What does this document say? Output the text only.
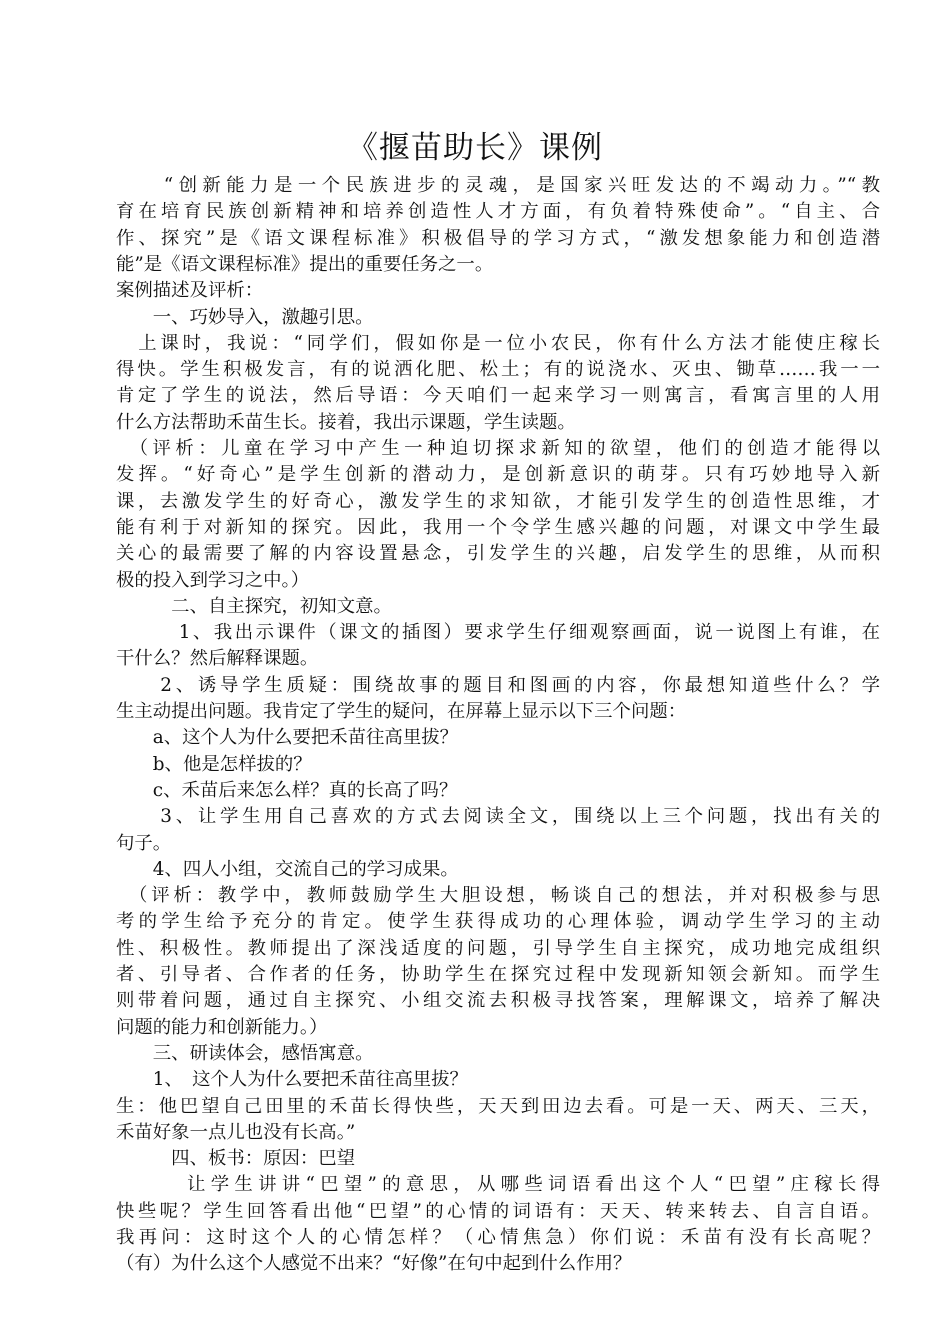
《揠苗助长》课例
　　“创新能力是一个民族进步的灵魂，是国家兴旺发达的不竭动力。”“教
育在培育民族创新精神和培养创造性人才方面，有负着特殊使命”。“自主、合
作、探究”是《语文课程标准》积极倡导的学习方式，“激发想象能力和创造潜
能”是《语文课程标准》提出的重要任务之一。
案例描述及评析：
　　一、巧妙导入，激趣引思。
　上课时，我说：“同学们，假如你是一位小农民，你有什么方法才能使庄稼长
得快。学生积极发言，有的说洒化肥、松土；有的说浇水、灭虫、锄草……我一一
肯定了学生的说法，然后导语：今天咱们一起来学习一则寓言，看寓言里的人用
什么方法帮助禾苗生长。接着，我出示课题，学生读题。
　（评析：儿童在学习中产生一种迫切探求新知的欲望，他们的创造才能得以
发挥。“好奇心”是学生创新的潜动力，是创新意识的萌芽。只有巧妙地导入新
课，去激发学生的好奇心，激发学生的求知欲，才能引发学生的创造性思维，才
能有利于对新知的探究。因此，我用一个令学生感兴趣的问题，对课文中学生最
关心的最需要了解的内容设置悬念，引发学生的兴趣，启发学生的思维，从而积
极的投入到学习之中。）
　　　二、自主探究，初知文意。
　　　1、我出示课件（课文的插图）要求学生仔细观察画面，说一说图上有谁，在
干什么？然后解释课题。
　　2、诱导学生质疑：围绕故事的题目和图画的内容，你最想知道些什么？学
生主动提出问题。我肯定了学生的疑问，在屏幕上显示以下三个问题：
　　a、这个人为什么要把禾苗往高里拔？
　　b、他是怎样拔的？
　　c、禾苗后来怎么样？真的长高了吗？
　　3、让学生用自己喜欢的方式去阅读全文，围绕以上三个问题，找出有关的
句子。
　　4、四人小组，交流自己的学习成果。
　（评析：教学中，教师鼓励学生大胆设想，畅谈自己的想法，并对积极参与思
考的学生给予充分的肯定。使学生获得成功的心理体验，调动学生学习的主动
性、积极性。教师提出了深浅适度的问题，引导学生自主探究，成功地完成组织
者、引导者、合作者的任务，协助学生在探究过程中发现新知领会新知。而学生
则带着问题，通过自主探究、小组交流去积极寻找答案，理解课文，培养了解决
问题的能力和创新能力。）
　　三、研读体会，感悟寓意。
　　1、　这个人为什么要把禾苗往高里拔？
生：他巴望自己田里的禾苗长得快些，天天到田边去看。可是一天、两天、三天，
禾苗好象一点儿也没有长高。”
　　　四、板书：原因：巴望
　　　让学生讲讲“巴望”的意思，从哪些词语看出这个人“巴望”庄稼长得
快些呢？学生回答看出他“巴望”的心情的词语有：天天、转来转去、自言自语。
我再问：这时这个人的心情怎样？（心情焦急）你们说：禾苗有没有长高呢？
（有）为什么这个人感觉不出来？“好像”在句中起到什么作用？
